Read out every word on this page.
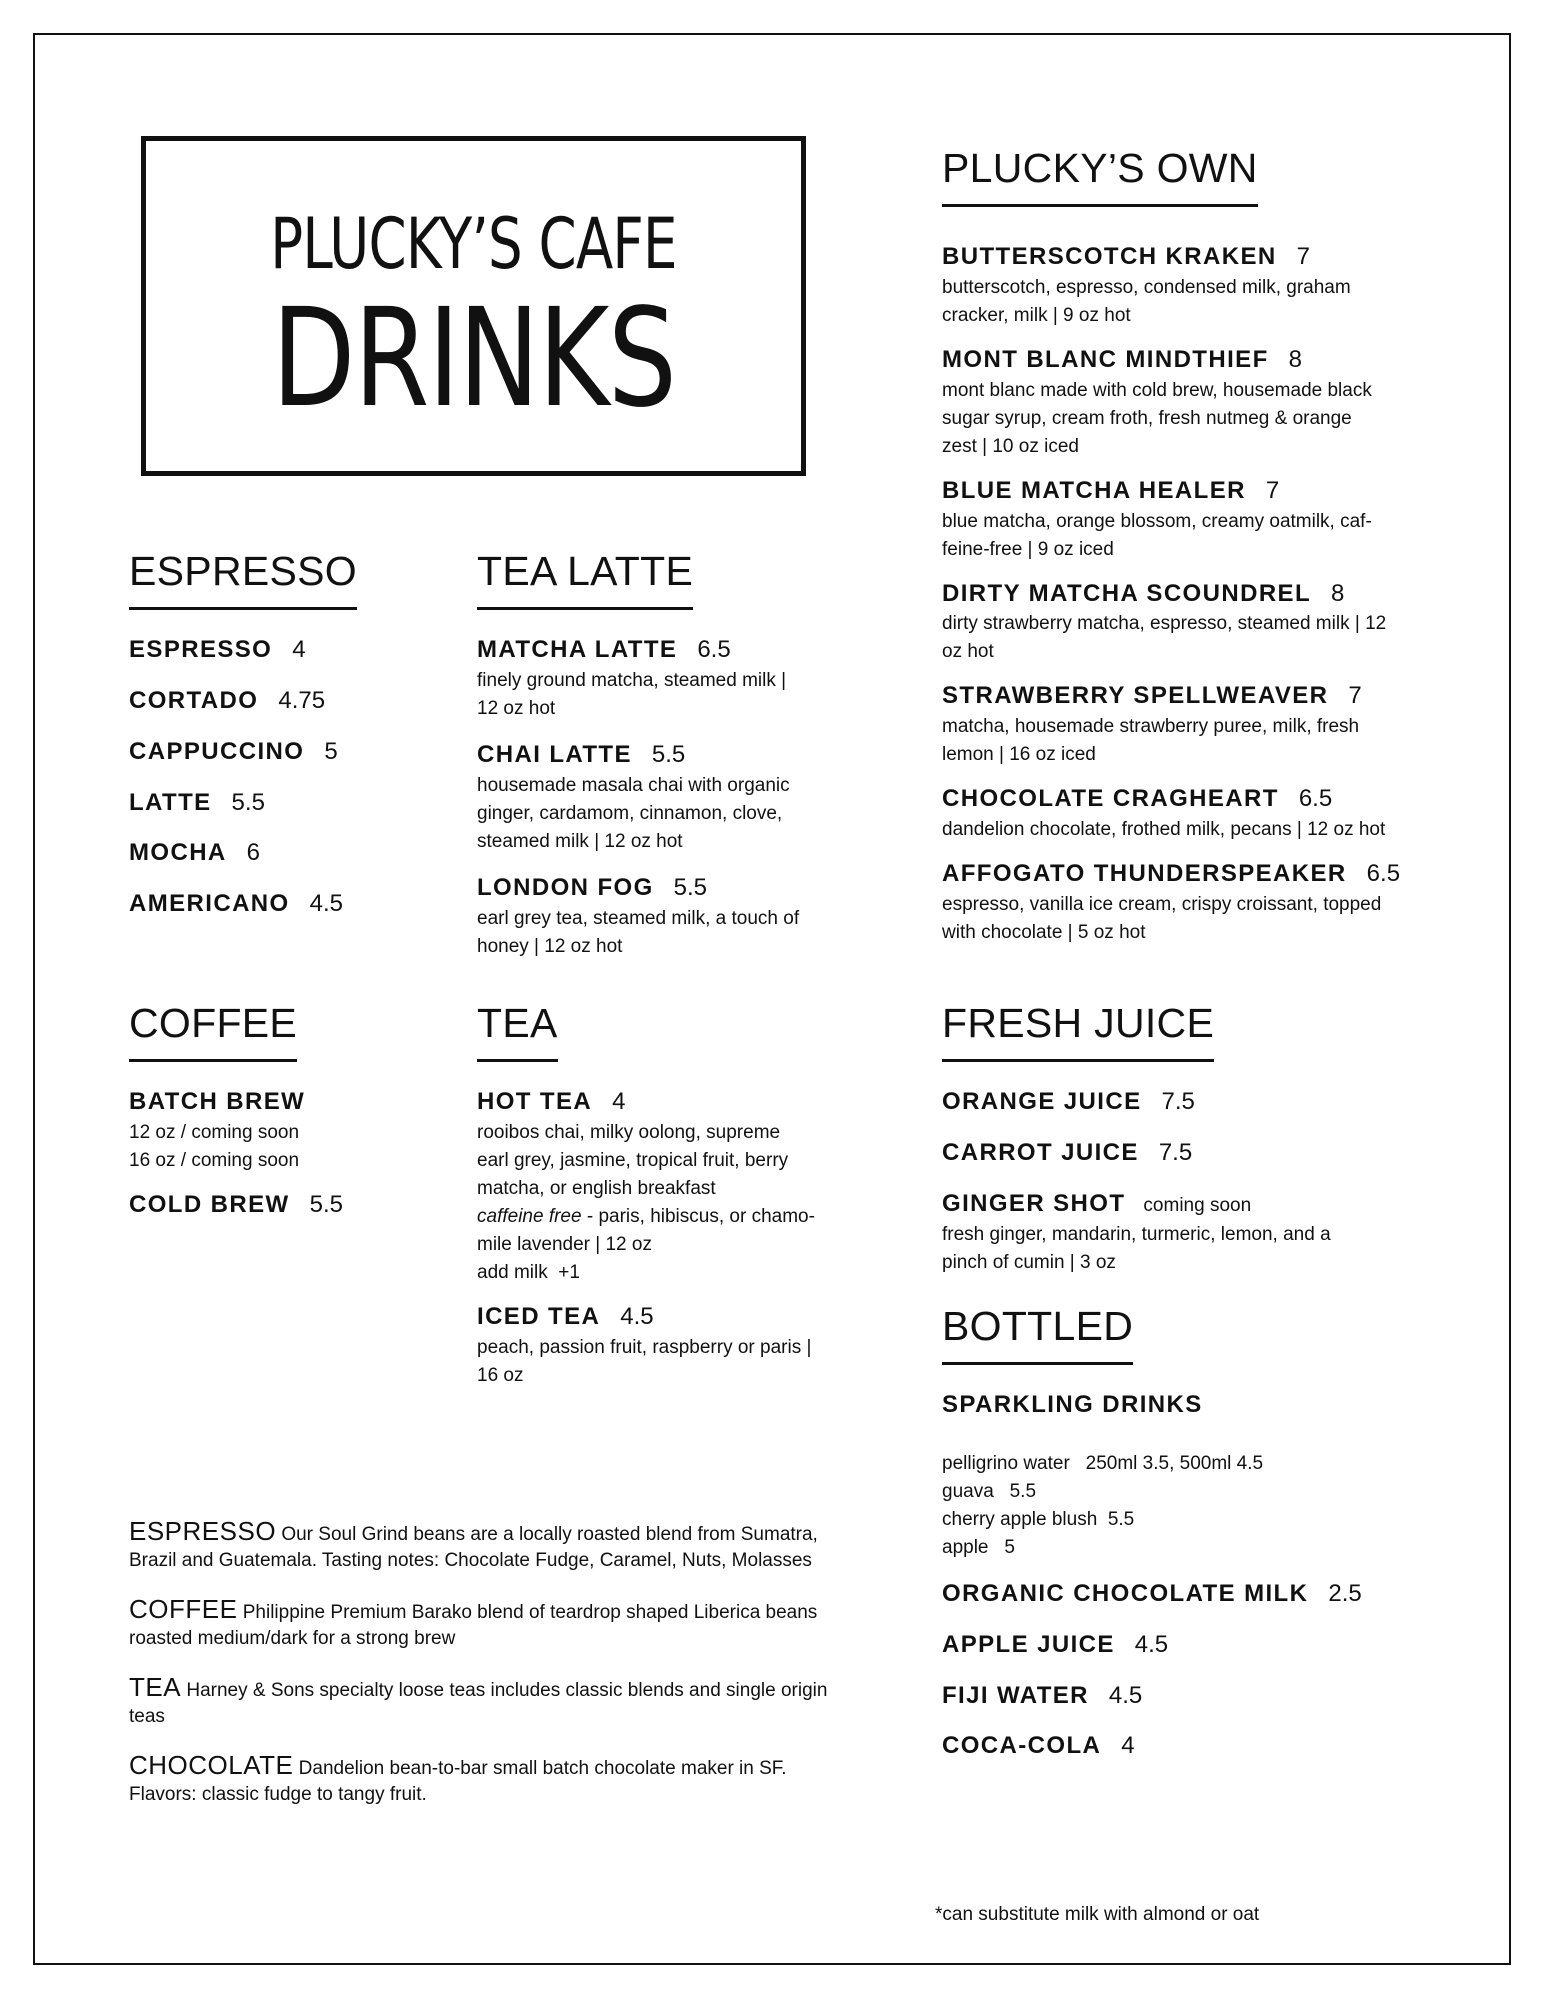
PLUCKY’S CAFE
DRINKS
ESPRESSO
ESPRESSO 4
CORTADO 4.75
CAPPUCCINO 5
LATTE 5.5
MOCHA 6
AMERICANO 4.5
TEA LATTE
MATCHA LATTE 6.5
finely ground matcha, steamed milk |
12 oz hot
CHAI LATTE 5.5
housemade masala chai with organic
ginger, cardamom, cinnamon, clove,
steamed milk | 12 oz hot
LONDON FOG 5.5
earl grey tea, steamed milk, a touch of
honey | 12 oz hot
PLUCKY’S OWN
BUTTERSCOTCH KRAKEN 7
butterscotch, espresso, condensed milk, graham
cracker, milk | 9 oz hot
MONT BLANC MINDTHIEF 8
mont blanc made with cold brew, housemade black
sugar syrup, cream froth, fresh nutmeg & orange
zest | 10 oz iced
BLUE MATCHA HEALER 7
blue matcha, orange blossom, creamy oatmilk, caf-
feine-free | 9 oz iced
DIRTY MATCHA SCOUNDREL 8
dirty strawberry matcha, espresso, steamed milk | 12
oz hot
STRAWBERRY SPELLWEAVER 7
matcha, housemade strawberry puree, milk, fresh
lemon | 16 oz iced
CHOCOLATE CRAGHEART 6.5
dandelion chocolate, frothed milk, pecans | 12 oz hot
AFFOGATO THUNDERSPEAKER 6.5
espresso, vanilla ice cream, crispy croissant, topped
with chocolate | 5 oz hot
COFFEE
BATCH BREW
12 oz / coming soon
16 oz / coming soon
COLD BREW 5.5
TEA
HOT TEA 4
rooibos chai, milky oolong, supreme
earl grey, jasmine, tropical fruit, berry
matcha, or english breakfast
caffeine free - paris, hibiscus, or chamo-
mile lavender | 12 oz
add milk  +1
ICED TEA 4.5
peach, passion fruit, raspberry or paris |
16 oz
FRESH JUICE
ORANGE JUICE 7.5
CARROT JUICE 7.5
GINGER SHOT coming soon
fresh ginger, mandarin, turmeric, lemon, and a
pinch of cumin | 3 oz
BOTTLED
SPARKLING DRINKS

pelligrino water   250ml 3.5, 500ml 4.5
guava   5.5
cherry apple blush  5.5
apple   5
ORGANIC CHOCOLATE MILK 2.5
APPLE JUICE 4.5
FIJI WATER 4.5
COCA-COLA 4
ESPRESSO Our Soul Grind beans are a locally roasted blend from Sumatra, Brazil and Guatemala. Tasting notes: Chocolate Fudge, Caramel, Nuts, Molasses
COFFEE Philippine Premium Barako blend of teardrop shaped Liberica beans roasted medium/dark for a strong brew
TEA Harney & Sons specialty loose teas includes classic blends and single origin teas
CHOCOLATE Dandelion bean-to-bar small batch chocolate maker in SF. Flavors: classic fudge to tangy fruit.
*can substitute milk with almond or oat
